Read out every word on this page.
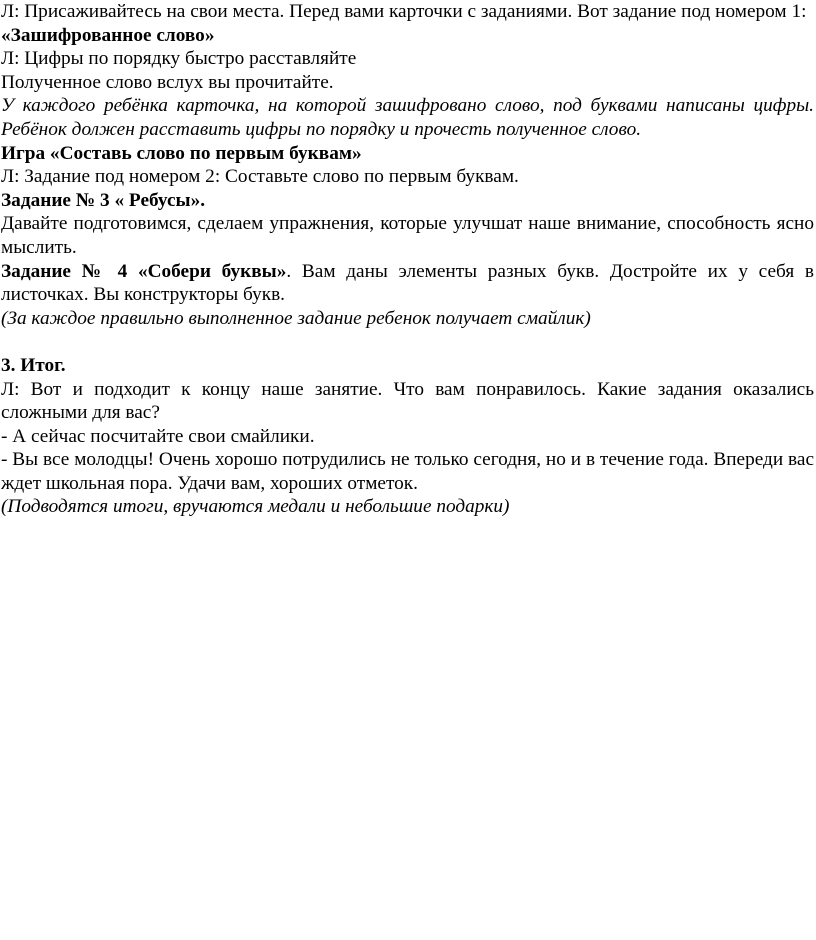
Л: Присаживайтесь на свои места. Перед вами карточки с заданиями. Вот задание под номером 1:

«Зашифрованное слово»

Л: Цифры по порядку быстро расставляйте

Полученное слово вслух вы прочитайте.

У каждого ребёнка карточка, на которой зашифровано слово, под буквами написаны цифры. Ребёнок должен расставить цифры по порядку и прочесть полученное слово.

Игра «Составь слово по первым буквам»

Л: Задание под номером 2: Составьте слово по первым буквам.

Задание № 3 « Ребусы».

Давайте подготовимся, сделаем упражнения, которые улучшат наше внимание, способность ясно мыслить.

Задание № 4 «Собери буквы». Вам даны элементы разных букв. Достройте их у себя в листочках. Вы конструкторы букв.

(За каждое правильно выполненное задание ребенок получает смайлик)

3. Итог.

Л: Вот и подходит к концу наше занятие. Что вам понравилось. Какие задания оказались сложными для вас?

- А сейчас посчитайте свои смайлики.

- Вы все молодцы! Очень хорошо потрудились не только сегодня, но и в течение года. Впереди вас ждет школьная пора. Удачи вам, хороших отметок.

(Подводятся итоги, вручаются медали и небольшие подарки)
